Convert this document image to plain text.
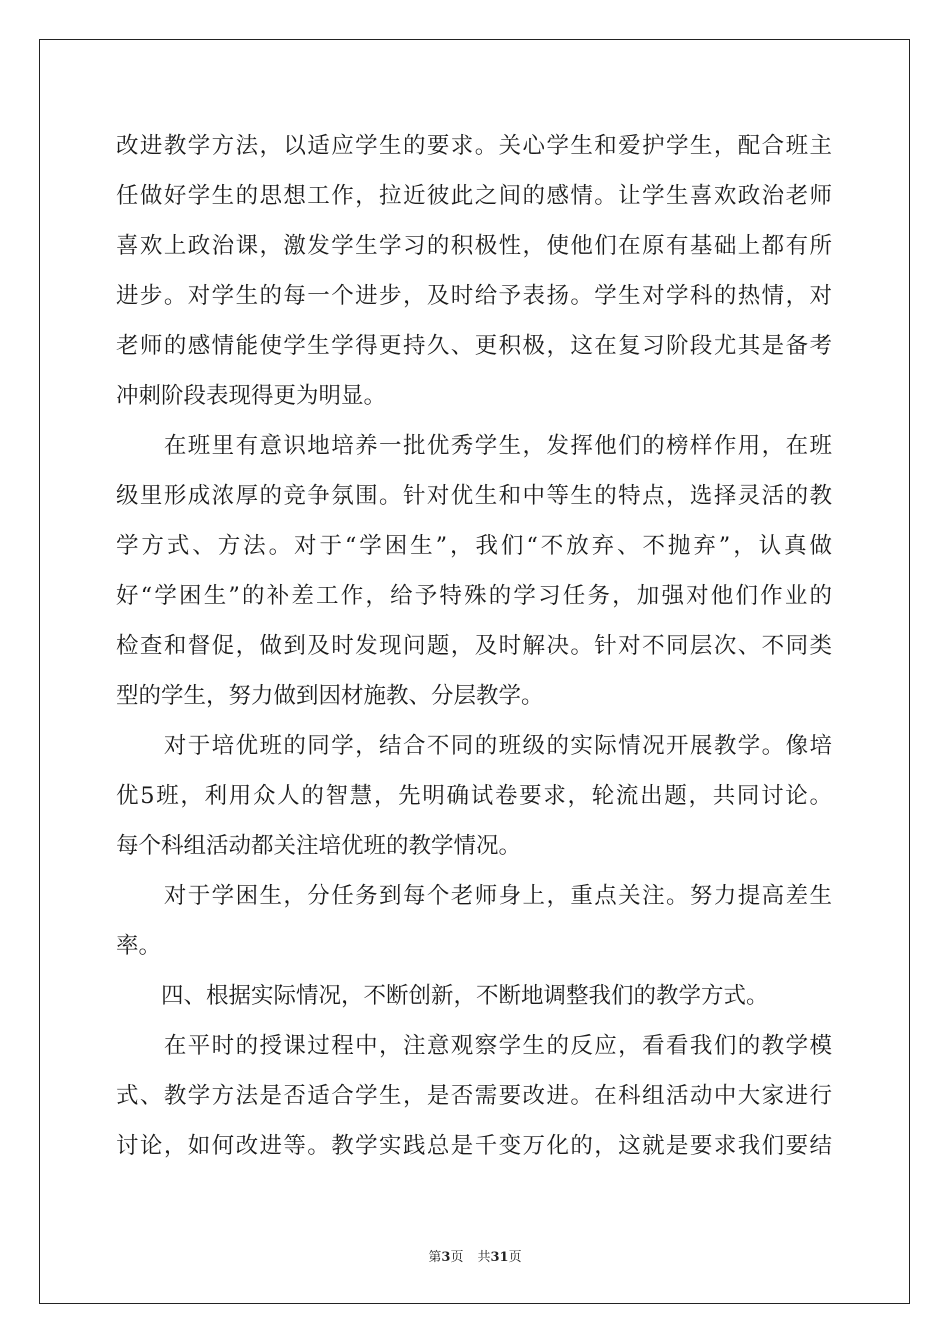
改进教学方法，以适应学生的要求。关心学生和爱护学生，配合班主
任做好学生的思想工作，拉近彼此之间的感情。让学生喜欢政治老师
喜欢上政治课，激发学生学习的积极性，使他们在原有基础上都有所
进步。对学生的每一个进步，及时给予表扬。学生对学科的热情，对
老师的感情能使学生学得更持久、更积极，这在复习阶段尤其是备考
冲刺阶段表现得更为明显。
　　在班里有意识地培养一批优秀学生，发挥他们的榜样作用，在班
级里形成浓厚的竞争氛围。针对优生和中等生的特点，选择灵活的教
学方式、方法。对于“学困生”，我们“不放弃、不抛弃”，认真做
好“学困生”的补差工作，给予特殊的学习任务，加强对他们作业的
检查和督促，做到及时发现问题，及时解决。针对不同层次、不同类
型的学生，努力做到因材施教、分层教学。
　　对于培优班的同学，结合不同的班级的实际情况开展教学。像培
优5班，利用众人的智慧，先明确试卷要求，轮流出题，共同讨论。
每个科组活动都关注培优班的教学情况。
　　对于学困生，分任务到每个老师身上，重点关注。努力提高差生
率。
　　四、根据实际情况，不断创新，不断地调整我们的教学方式。
　　在平时的授课过程中，注意观察学生的反应，看看我们的教学模
式、教学方法是否适合学生，是否需要改进。在科组活动中大家进行
讨论，如何改进等。教学实践总是千变万化的，这就是要求我们要结
第3页 共31页
